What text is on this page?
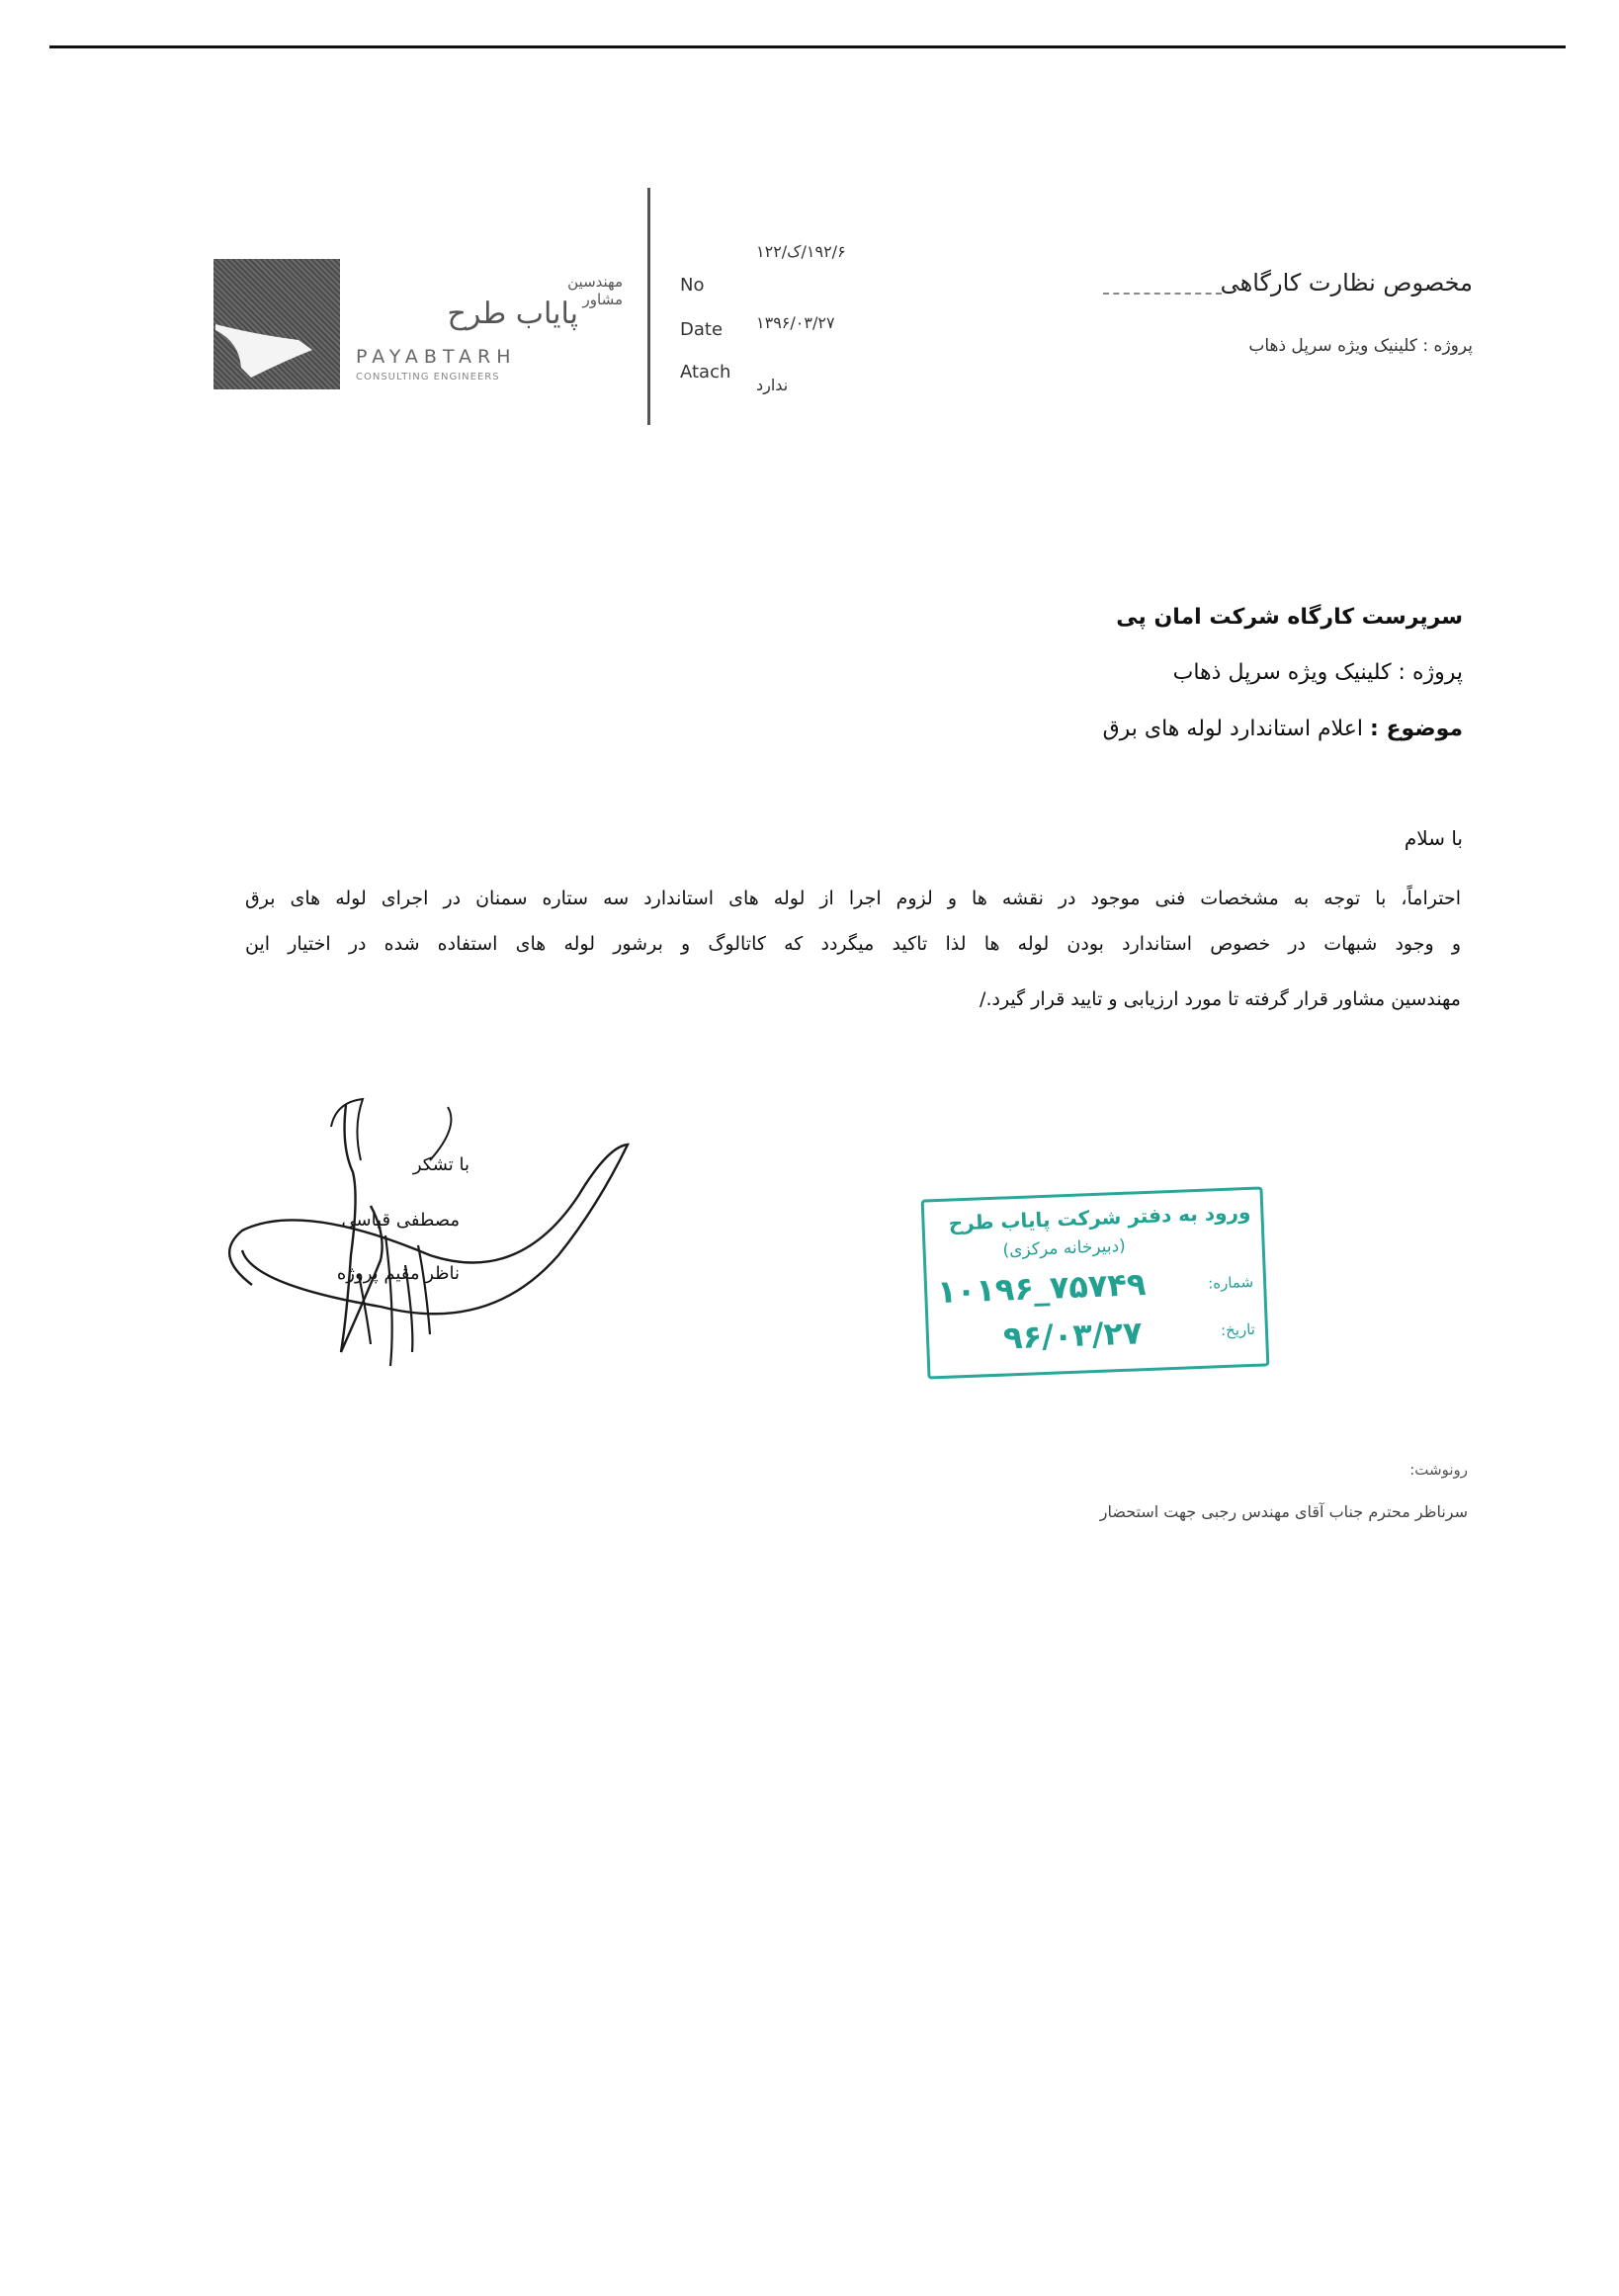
مهندسین مشاور
پایاب طرح
PAYABTARH
CONSULTING ENGINEERS
No
Date
Atach
۱۹۲/۶/ک/۱۲۲
۱۳۹۶/۰۳/۲۷
ندارد
مخصوص نظارت کارگاهی
پروژه : کلینیک ویژه سرپل ذهاب
سرپرست کارگاه شرکت امان پی
پروژه : کلینیک ویژه سرپل ذهاب
موضوع : اعلام استاندارد لوله های برق
با سلام
احتراماً، با توجه به مشخصات فنی موجود در نقشه ها و لزوم اجرا از لوله های استاندارد سه ستاره سمنان در اجرای لوله های برق
و وجود شبهات در خصوص استاندارد بودن لوله ها لذا تاکید میگردد که کاتالوگ و برشور لوله های استفاده شده در اختیار این
مهندسین مشاور قرار گرفته تا مورد ارزیابی و تایید قرار گیرد./
با تشکر
مصطفی قیاسی
ناظر مقیم پروژه
ورود به دفتر شرکت پایاب طرح
(دبیرخانه مرکزی)
شماره:
تاریخ:
۱۰۱۹۶_۷۵۷۴۹
۹۶/۰۳/۲۷
رونوشت:
سرناظر محترم جناب آقای مهندس رجبی جهت استحضار
